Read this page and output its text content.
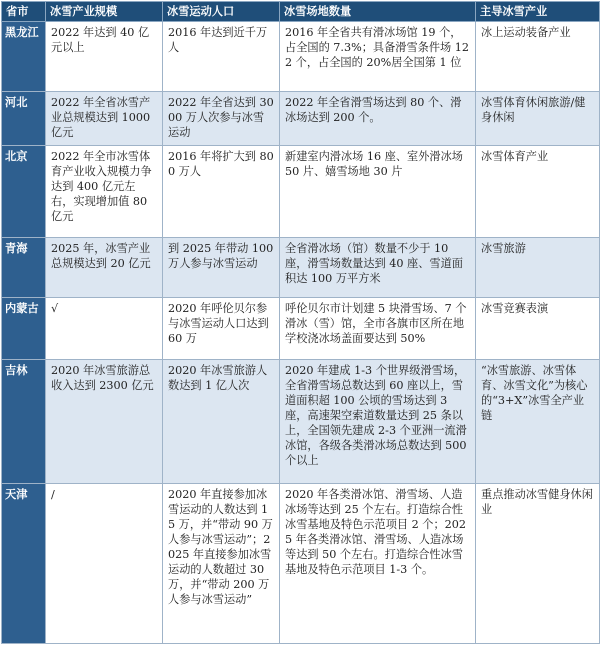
省市	冰雪产业规模	冰雪运动人口	冰雪场地数量	主导冰雪产业
黑龙江	2022 年达到 40 亿元以上	2016 年达到近千万人	2016 年全省共有滑冰场馆 19 个，占全国的 7.3%；具备滑雪条件场 122 个，占全国的 20%居全国第 1 位	冰上运动装备产业
河北	2022 年全省冰雪产业总规模达到 1000 亿元	2022 年全省达到 3000 万人次参与冰雪运动	2022 年全省滑雪场达到 80 个、滑冰场达到 200 个。	冰雪体育休闲旅游/健身休闲
北京	2022 年全市冰雪体育产业收入规模力争达到 400 亿元左右，实现增加值 80 亿元	2016 年将扩大到 800 万人	新建室内滑冰场 16 座、室外滑冰场 50 片、嬉雪场地 30 片	冰雪体育产业
青海	2025 年，冰雪产业总规模达到 20 亿元	到 2025 年带动 100 万人参与冰雪运动	全省滑冰场（馆）数量不少于 10 座，滑雪场数量达到 40 座、雪道面积达 100 万平方米	冰雪旅游
内蒙古	√	2020 年呼伦贝尔参与冰雪运动人口达到 60 万	呼伦贝尔市计划建 5 块滑雪场、7 个滑冰（雪）馆，全市各旗市区所在地学校浇冰场盖面要达到 50%	冰雪竞赛表演
吉林	2020 年冰雪旅游总收入达到 2300 亿元	2020 年冰雪旅游人数达到 1 亿人次	2020 年建成 1-3 个世界级滑雪场，全省滑雪场总数达到 60 座以上，雪道面积超 100 公顷的雪场达到 3 座，高速架空索道数量达到 25 条以上，全国领先建成 2-3 个亚洲一流滑冰馆，各级各类滑冰场总数达到 500 个以上	“冰雪旅游、冰雪体育、冰雪文化”为核心的“3+X”冰雪全产业链
天津	/	2020 年直接参加冰雪运动的人数达到 15 万，并“带动 90 万人参与冰雪运动”；2025 年直接参加冰雪运动的人数超过 30 万，并“带动 200 万人参与冰雪运动”	2020 年各类滑冰馆、滑雪场、人造冰场等达到 25 个左右。打造综合性冰雪基地及特色示范项目 2 个；2025 年各类滑冰馆、滑雪场、人造冰场等达到 50 个左右。打造综合性冰雪基地及特色示范项目 1-3 个。	重点推动冰雪健身休闲业
